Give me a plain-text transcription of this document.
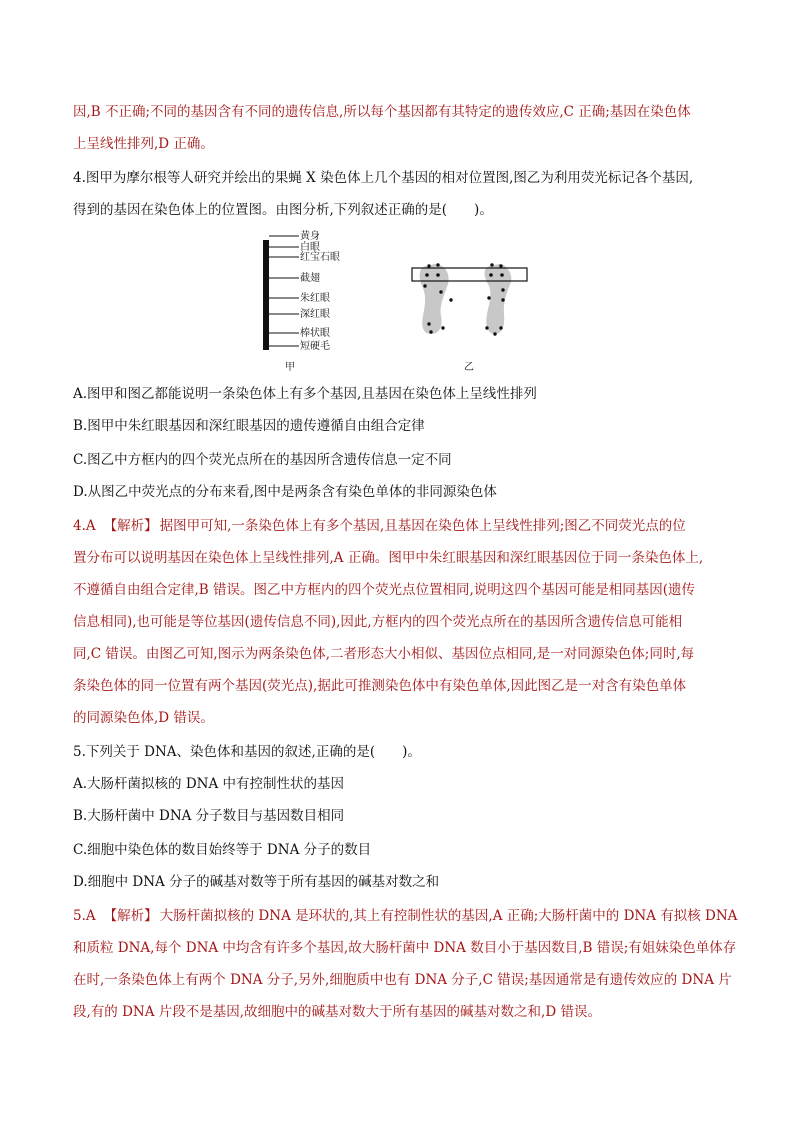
因,B 不正确;不同的基因含有不同的遗传信息,所以每个基因都有其特定的遗传效应,C 正确;基因在染色体
上呈线性排列,D 正确。
4.图甲为摩尔根等人研究并绘出的果蝇 X 染色体上几个基因的相对位置图,图乙为利用荧光标记各个基因,
得到的基因在染色体上的位置图。由图分析,下列叙述正确的是(　　)。
黄身
白眼
红宝石眼
截翅
朱红眼
深红眼
棒状眼
短硬毛
甲	乙
A.图甲和图乙都能说明一条染色体上有多个基因,且基因在染色体上呈线性排列
B.图甲中朱红眼基因和深红眼基因的遗传遵循自由组合定律
C.图乙中方框内的四个荧光点所在的基因所含遗传信息一定不同
D.从图乙中荧光点的分布来看,图中是两条含有染色单体的非同源染色体
4.A 【解析】 据图甲可知,一条染色体上有多个基因,且基因在染色体上呈线性排列;图乙不同荧光点的位
置分布可以说明基因在染色体上呈线性排列,A 正确。图甲中朱红眼基因和深红眼基因位于同一条染色体上,
不遵循自由组合定律,B 错误。图乙中方框内的四个荧光点位置相同,说明这四个基因可能是相同基因(遗传
信息相同),也可能是等位基因(遗传信息不同),因此,方框内的四个荧光点所在的基因所含遗传信息可能相
同,C 错误。由图乙可知,图示为两条染色体,二者形态大小相似、基因位点相同,是一对同源染色体;同时,每
条染色体的同一位置有两个基因(荧光点),据此可推测染色体中有染色单体,因此图乙是一对含有染色单体
的同源染色体,D 错误。
5.下列关于 DNA、染色体和基因的叙述,正确的是(　　)。
A.大肠杆菌拟核的 DNA 中有控制性状的基因
B.大肠杆菌中 DNA 分子数目与基因数目相同
C.细胞中染色体的数目始终等于 DNA 分子的数目
D.细胞中 DNA 分子的碱基对数等于所有基因的碱基对数之和
5.A 【解析】 大肠杆菌拟核的 DNA 是环状的,其上有控制性状的基因,A 正确;大肠杆菌中的 DNA 有拟核 DNA
和质粒 DNA,每个 DNA 中均含有许多个基因,故大肠杆菌中 DNA 数目小于基因数目,B 错误;有姐妹染色单体存
在时,一条染色体上有两个 DNA 分子,另外,细胞质中也有 DNA 分子,C 错误;基因通常是有遗传效应的 DNA 片
段,有的 DNA 片段不是基因,故细胞中的碱基对数大于所有基因的碱基对数之和,D 错误。
